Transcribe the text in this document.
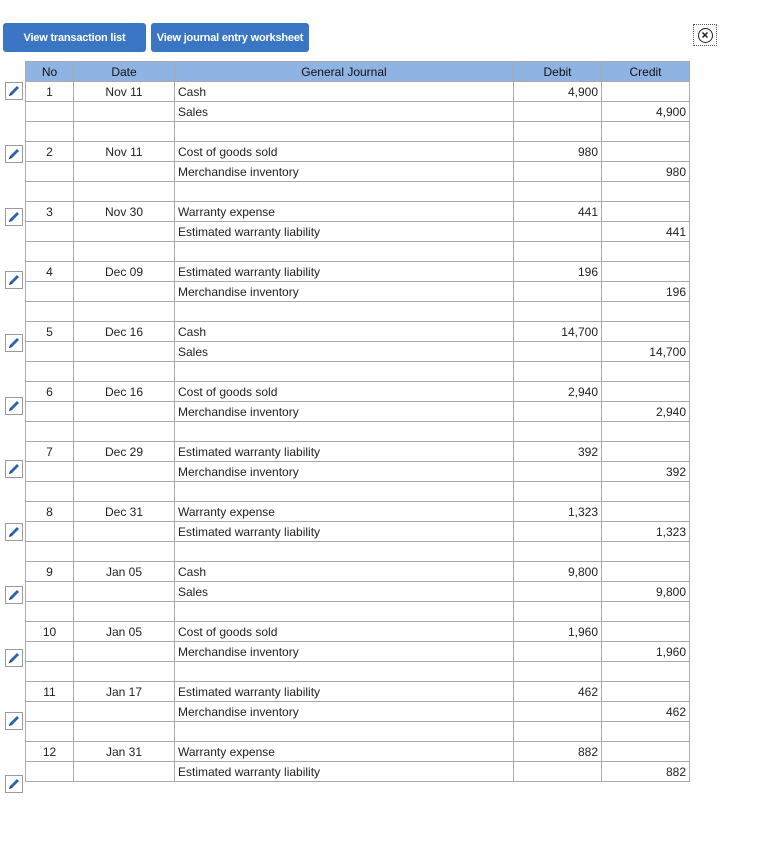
View transaction list	View journal entry worksheet
No	Date	General Journal	Debit	Credit
1	Nov 11	Cash	4,900	
		Sales		4,900

2	Nov 11	Cost of goods sold	980	
		Merchandise inventory		980

3	Nov 30	Warranty expense	441	
		Estimated warranty liability		441

4	Dec 09	Estimated warranty liability	196	
		Merchandise inventory		196

5	Dec 16	Cash	14,700	
		Sales		14,700

6	Dec 16	Cost of goods sold	2,940	
		Merchandise inventory		2,940

7	Dec 29	Estimated warranty liability	392	
		Merchandise inventory		392

8	Dec 31	Warranty expense	1,323	
		Estimated warranty liability		1,323

9	Jan 05	Cash	9,800	
		Sales		9,800

10	Jan 05	Cost of goods sold	1,960	
		Merchandise inventory		1,960

11	Jan 17	Estimated warranty liability	462	
		Merchandise inventory		462

12	Jan 31	Warranty expense	882	
		Estimated warranty liability		882
